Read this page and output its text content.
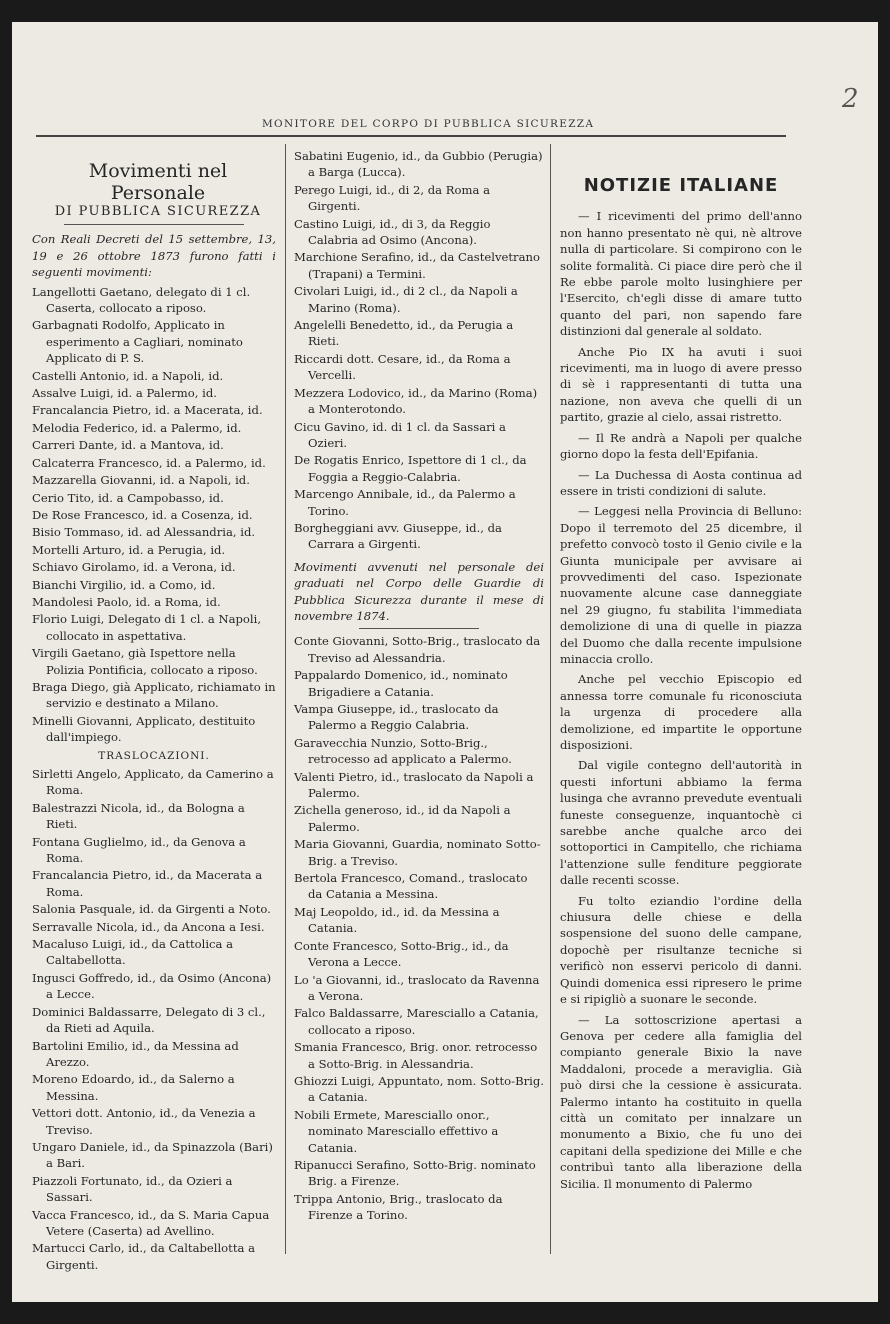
2
MONITORE DEL CORPO DI PUBBLICA SICUREZZA
Movimenti nel Personale
DI PUBBLICA SICUREZZA
Con Reali Decreti del 15 settembre, 13, 19 e 26 ottobre 1873 furono fatti i seguenti movimenti:
Langellotti Gaetano, delegato di 1 cl. Caserta, collocato a riposo.
Garbagnati Rodolfo, Applicato in esperimento a Cagliari, nominato Applicato di P. S.
Castelli Antonio, id. a Napoli, id.
Assalve Luigi, id. a Palermo, id.
Francalancia Pietro, id. a Macerata, id.
Melodia Federico, id. a Palermo, id.
Carreri Dante, id. a Mantova, id.
Calcaterra Francesco, id. a Palermo, id.
Mazzarella Giovanni, id. a Napoli, id.
Cerio Tito, id. a Campobasso, id.
De Rose Francesco, id. a Cosenza, id.
Bisio Tommaso, id. ad Alessandria, id.
Mortelli Arturo, id. a Perugia, id.
Schiavo Girolamo, id. a Verona, id.
Bianchi Virgilio, id. a Como, id.
Mandolesi Paolo, id. a Roma, id.
Florio Luigi, Delegato di 1 cl. a Napoli, collocato in aspettativa.
Virgili Gaetano, già Ispettore nella Polizia Pontificia, collocato a riposo.
Braga Diego, già Applicato, richiamato in servizio e destinato a Milano.
Minelli Giovanni, Applicato, destituito dall'impiego.
TRASLOCAZIONI.
Sirletti Angelo, Applicato, da Camerino a Roma.
Balestrazzi Nicola, id., da Bologna a Rieti.
Fontana Guglielmo, id., da Genova a Roma.
Francalancia Pietro, id., da Macerata a Roma.
Salonia Pasquale, id. da Girgenti a Noto.
Serravalle Nicola, id., da Ancona a Iesi.
Macaluso Luigi, id., da Cattolica a Caltabellotta.
Ingusci Goffredo, id., da Osimo (Ancona) a Lecce.
Dominici Baldassarre, Delegato di 3 cl., da Rieti ad Aquila.
Bartolini Emilio, id., da Messina ad Arezzo.
Moreno Edoardo, id., da Salerno a Messina.
Vettori dott. Antonio, id., da Venezia a Treviso.
Ungaro Daniele, id., da Spinazzola (Bari) a Bari.
Piazzoli Fortunato, id., da Ozieri a Sassari.
Vacca Francesco, id., da S. Maria Capua Vetere (Caserta) ad Avellino.
Martucci Carlo, id., da Caltabellotta a Girgenti.
Sabatini Eugenio, id., da Gubbio (Perugia) a Barga (Lucca).
Perego Luigi, id., di 2, da Roma a Girgenti.
Castino Luigi, id., di 3, da Reggio Calabria ad Osimo (Ancona).
Marchione Serafino, id., da Castelvetrano (Trapani) a Termini.
Civolari Luigi, id., di 2 cl., da Napoli a Marino (Roma).
Angelelli Benedetto, id., da Perugia a Rieti.
Riccardi dott. Cesare, id., da Roma a Vercelli.
Mezzera Lodovico, id., da Marino (Roma) a Monterotondo.
Cicu Gavino, id. di 1 cl. da Sassari a Ozieri.
De Rogatis Enrico, Ispettore di 1 cl., da Foggia a Reggio-Calabria.
Marcengo Annibale, id., da Palermo a Torino.
Borgheggiani avv. Giuseppe, id., da Carrara a Girgenti.
Movimenti avvenuti nel personale dei graduati nel Corpo delle Guardie di Pubblica Sicurezza durante il mese di novembre 1874.
Conte Giovanni, Sotto-Brig., traslocato da Treviso ad Alessandria.
Pappalardo Domenico, id., nominato Brigadiere a Catania.
Vampa Giuseppe, id., traslocato da Palermo a Reggio Calabria.
Garavecchia Nunzio, Sotto-Brig., retrocesso ad applicato a Palermo.
Valenti Pietro, id., traslocato da Napoli a Palermo.
Zichella generoso, id., id da Napoli a Palermo.
Maria Giovanni, Guardia, nominato Sotto-Brig. a Treviso.
Bertola Francesco, Comand., traslocato da Catania a Messina.
Maj Leopoldo, id., id. da Messina a Catania.
Conte Francesco, Sotto-Brig., id., da Verona a Lecce.
Lo 'a Giovanni, id., traslocato da Ravenna a Verona.
Falco Baldassarre, Maresciallo a Catania, collocato a riposo.
Smania Francesco, Brig. onor. retrocesso a Sotto-Brig. in Alessandria.
Ghiozzi Luigi, Appuntato, nom. Sotto-Brig. a Catania.
Nobili Ermete, Maresciallo onor., nominato Maresciallo effettivo a Catania.
Ripanucci Serafino, Sotto-Brig. nominato Brig. a Firenze.
Trippa Antonio, Brig., traslocato da Firenze a Torino.
NOTIZIE ITALIANE
— I ricevimenti del primo dell'anno non hanno presentato nè qui, nè altrove nulla di particolare. Si compirono con le solite formalità. Ci piace dire però che il Re ebbe parole molto lusinghiere per l'Esercito, ch'egli disse di amare tutto quanto del pari, non sapendo fare distinzioni dal generale al soldato.
Anche Pio IX ha avuti i suoi ricevimenti, ma in luogo di avere presso di sè i rappresentanti di tutta una nazione, non aveva che quelli di un partito, grazie al cielo, assai ristretto.
— Il Re andrà a Napoli per qualche giorno dopo la festa dell'Epifania.
— La Duchessa di Aosta continua ad essere in tristi condizioni di salute.
— Leggesi nella Provincia di Belluno: Dopo il terremoto del 25 dicembre, il prefetto convocò tosto il Genio civile e la Giunta municipale per avvisare ai provvedimenti del caso. Ispezionate nuovamente alcune case danneggiate nel 29 giugno, fu stabilita l'immediata demolizione di una di quelle in piazza del Duomo che dalla recente impulsione minaccia crollo.
Anche pel vecchio Episcopio ed annessa torre comunale fu riconosciuta la urgenza di procedere alla demolizione, ed impartite le opportune disposizioni.
Dal vigile contegno dell'autorità in questi infortuni abbiamo la ferma lusinga che avranno prevedute eventuali funeste conseguenze, inquantochè ci sarebbe anche qualche arco dei sottoportici in Campitello, che richiama l'attenzione sulle fenditure peggiorate dalle recenti scosse.
Fu tolto eziandio l'ordine della chiusura delle chiese e della sospensione del suono delle campane, dopochè per risultanze tecniche si verificò non esservi pericolo di danni. Quindi domenica essi ripresero le prime e si ripigliò a suonare le seconde.
— La sottoscrizione apertasi a Genova per cedere alla famiglia del compianto generale Bixio la nave Maddaloni, procede a meraviglia. Già può dirsi che la cessione è assicurata. Palermo intanto ha costituito in quella città un comitato per innalzare un monumento a Bixio, che fu uno dei capitani della spedizione dei Mille e che contribuì tanto alla liberazione della Sicilia. Il monumento di Palermo
